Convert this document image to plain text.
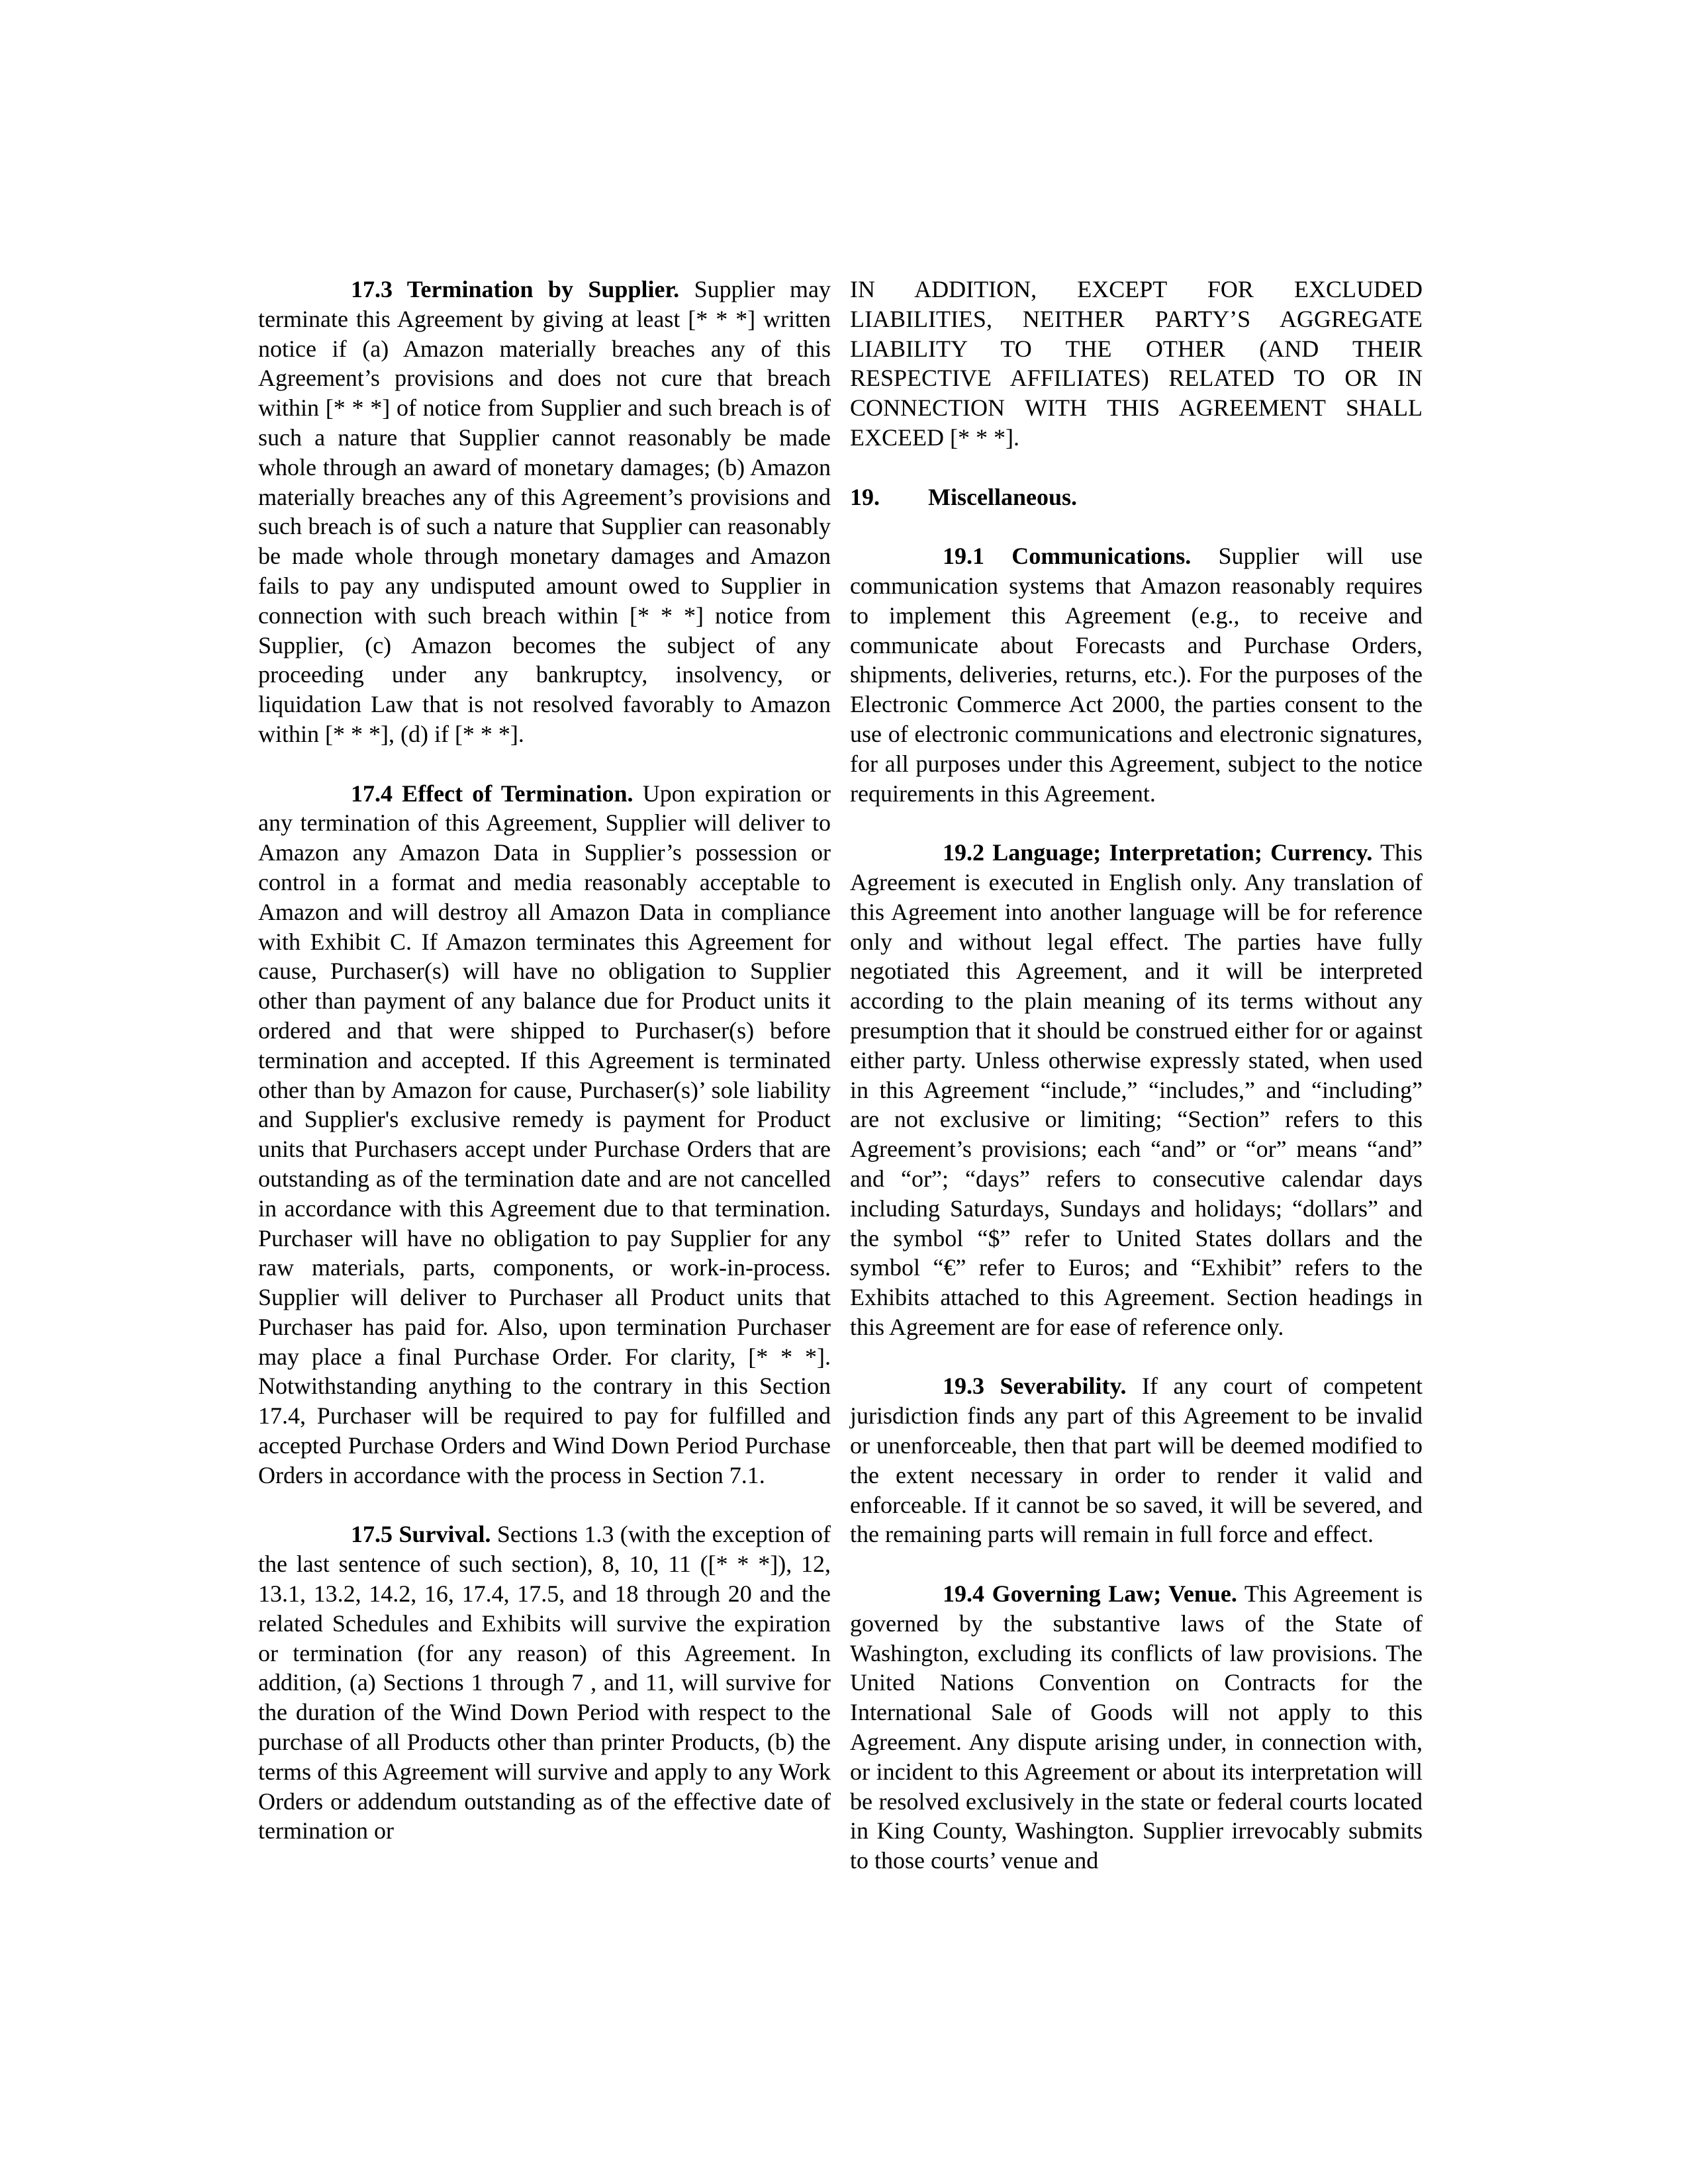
17.3 Termination by Supplier. Supplier may terminate this Agreement by giving at least [* * *] written notice if (a) Amazon materially breaches any of this Agreement’s provisions and does not cure that breach within [* * *] of notice from Supplier and such breach is of such a nature that Supplier cannot reasonably be made whole through an award of monetary damages; (b) Amazon materially breaches any of this Agreement’s provisions and such breach is of such a nature that Supplier can reasonably be made whole through monetary damages and Amazon fails to pay any undisputed amount owed to Supplier in connection with such breach within [* * *] notice from Supplier, (c) Amazon becomes the subject of any proceeding under any bankruptcy, insolvency, or liquidation Law that is not resolved favorably to Amazon within [* * *], (d) if [* * *].

17.4 Effect of Termination. Upon expiration or any termination of this Agreement, Supplier will deliver to Amazon any Amazon Data in Supplier’s possession or control in a format and media reasonably acceptable to Amazon and will destroy all Amazon Data in compliance with Exhibit C. If Amazon terminates this Agreement for cause, Purchaser(s) will have no obligation to Supplier other than payment of any balance due for Product units it ordered and that were shipped to Purchaser(s) before termination and accepted. If this Agreement is terminated other than by Amazon for cause, Purchaser(s)’ sole liability and Supplier's exclusive remedy is payment for Product units that Purchasers accept under Purchase Orders that are outstanding as of the termination date and are not cancelled in accordance with this Agreement due to that termination. Purchaser will have no obligation to pay Supplier for any raw materials, parts, components, or work-in-process. Supplier will deliver to Purchaser all Product units that Purchaser has paid for. Also, upon termination Purchaser may place a final Purchase Order. For clarity, [* * *]. Notwithstanding anything to the contrary in this Section 17.4, Purchaser will be required to pay for fulfilled and accepted Purchase Orders and Wind Down Period Purchase Orders in accordance with the process in Section 7.1.

17.5 Survival. Sections 1.3 (with the exception of the last sentence of such section), 8, 10, 11 ([* * *]), 12, 13.1, 13.2, 14.2, 16, 17.4, 17.5, and 18 through 20 and the related Schedules and Exhibits will survive the expiration or termination (for any reason) of this Agreement. In addition, (a) Sections 1 through 7 , and 11, will survive for the duration of the Wind Down Period with respect to the purchase of all Products other than printer Products, (b) the terms of this Agreement will survive and apply to any Work Orders or addendum outstanding as of the effective date of termination or

IN ADDITION, EXCEPT FOR EXCLUDED LIABILITIES, NEITHER PARTY’S AGGREGATE LIABILITY TO THE OTHER (AND THEIR RESPECTIVE AFFILIATES) RELATED TO OR IN CONNECTION WITH THIS AGREEMENT SHALL EXCEED [* * *].

19.	Miscellaneous.

19.1 Communications. Supplier will use communication systems that Amazon reasonably requires to implement this Agreement (e.g., to receive and communicate about Forecasts and Purchase Orders, shipments, deliveries, returns, etc.). For the purposes of the Electronic Commerce Act 2000, the parties consent to the use of electronic communications and electronic signatures, for all purposes under this Agreement, subject to the notice requirements in this Agreement.

19.2 Language; Interpretation; Currency. This Agreement is executed in English only. Any translation of this Agreement into another language will be for reference only and without legal effect. The parties have fully negotiated this Agreement, and it will be interpreted according to the plain meaning of its terms without any presumption that it should be construed either for or against either party. Unless otherwise expressly stated, when used in this Agreement “include,” “includes,” and “including” are not exclusive or limiting; “Section” refers to this Agreement’s provisions; each “and” or “or” means “and” and “or”; “days” refers to consecutive calendar days including Saturdays, Sundays and holidays; “dollars” and the symbol “$” refer to United States dollars and the symbol “€” refer to Euros; and “Exhibit” refers to the Exhibits attached to this Agreement. Section headings in this Agreement are for ease of reference only.

19.3 Severability. If any court of competent jurisdiction finds any part of this Agreement to be invalid or unenforceable, then that part will be deemed modified to the extent necessary in order to render it valid and enforceable. If it cannot be so saved, it will be severed, and the remaining parts will remain in full force and effect.

19.4 Governing Law; Venue. This Agreement is governed by the substantive laws of the State of Washington, excluding its conflicts of law provisions. The United Nations Convention on Contracts for the International Sale of Goods will not apply to this Agreement. Any dispute arising under, in connection with, or incident to this Agreement or about its interpretation will be resolved exclusively in the state or federal courts located in King County, Washington. Supplier irrevocably submits to those courts’ venue and
